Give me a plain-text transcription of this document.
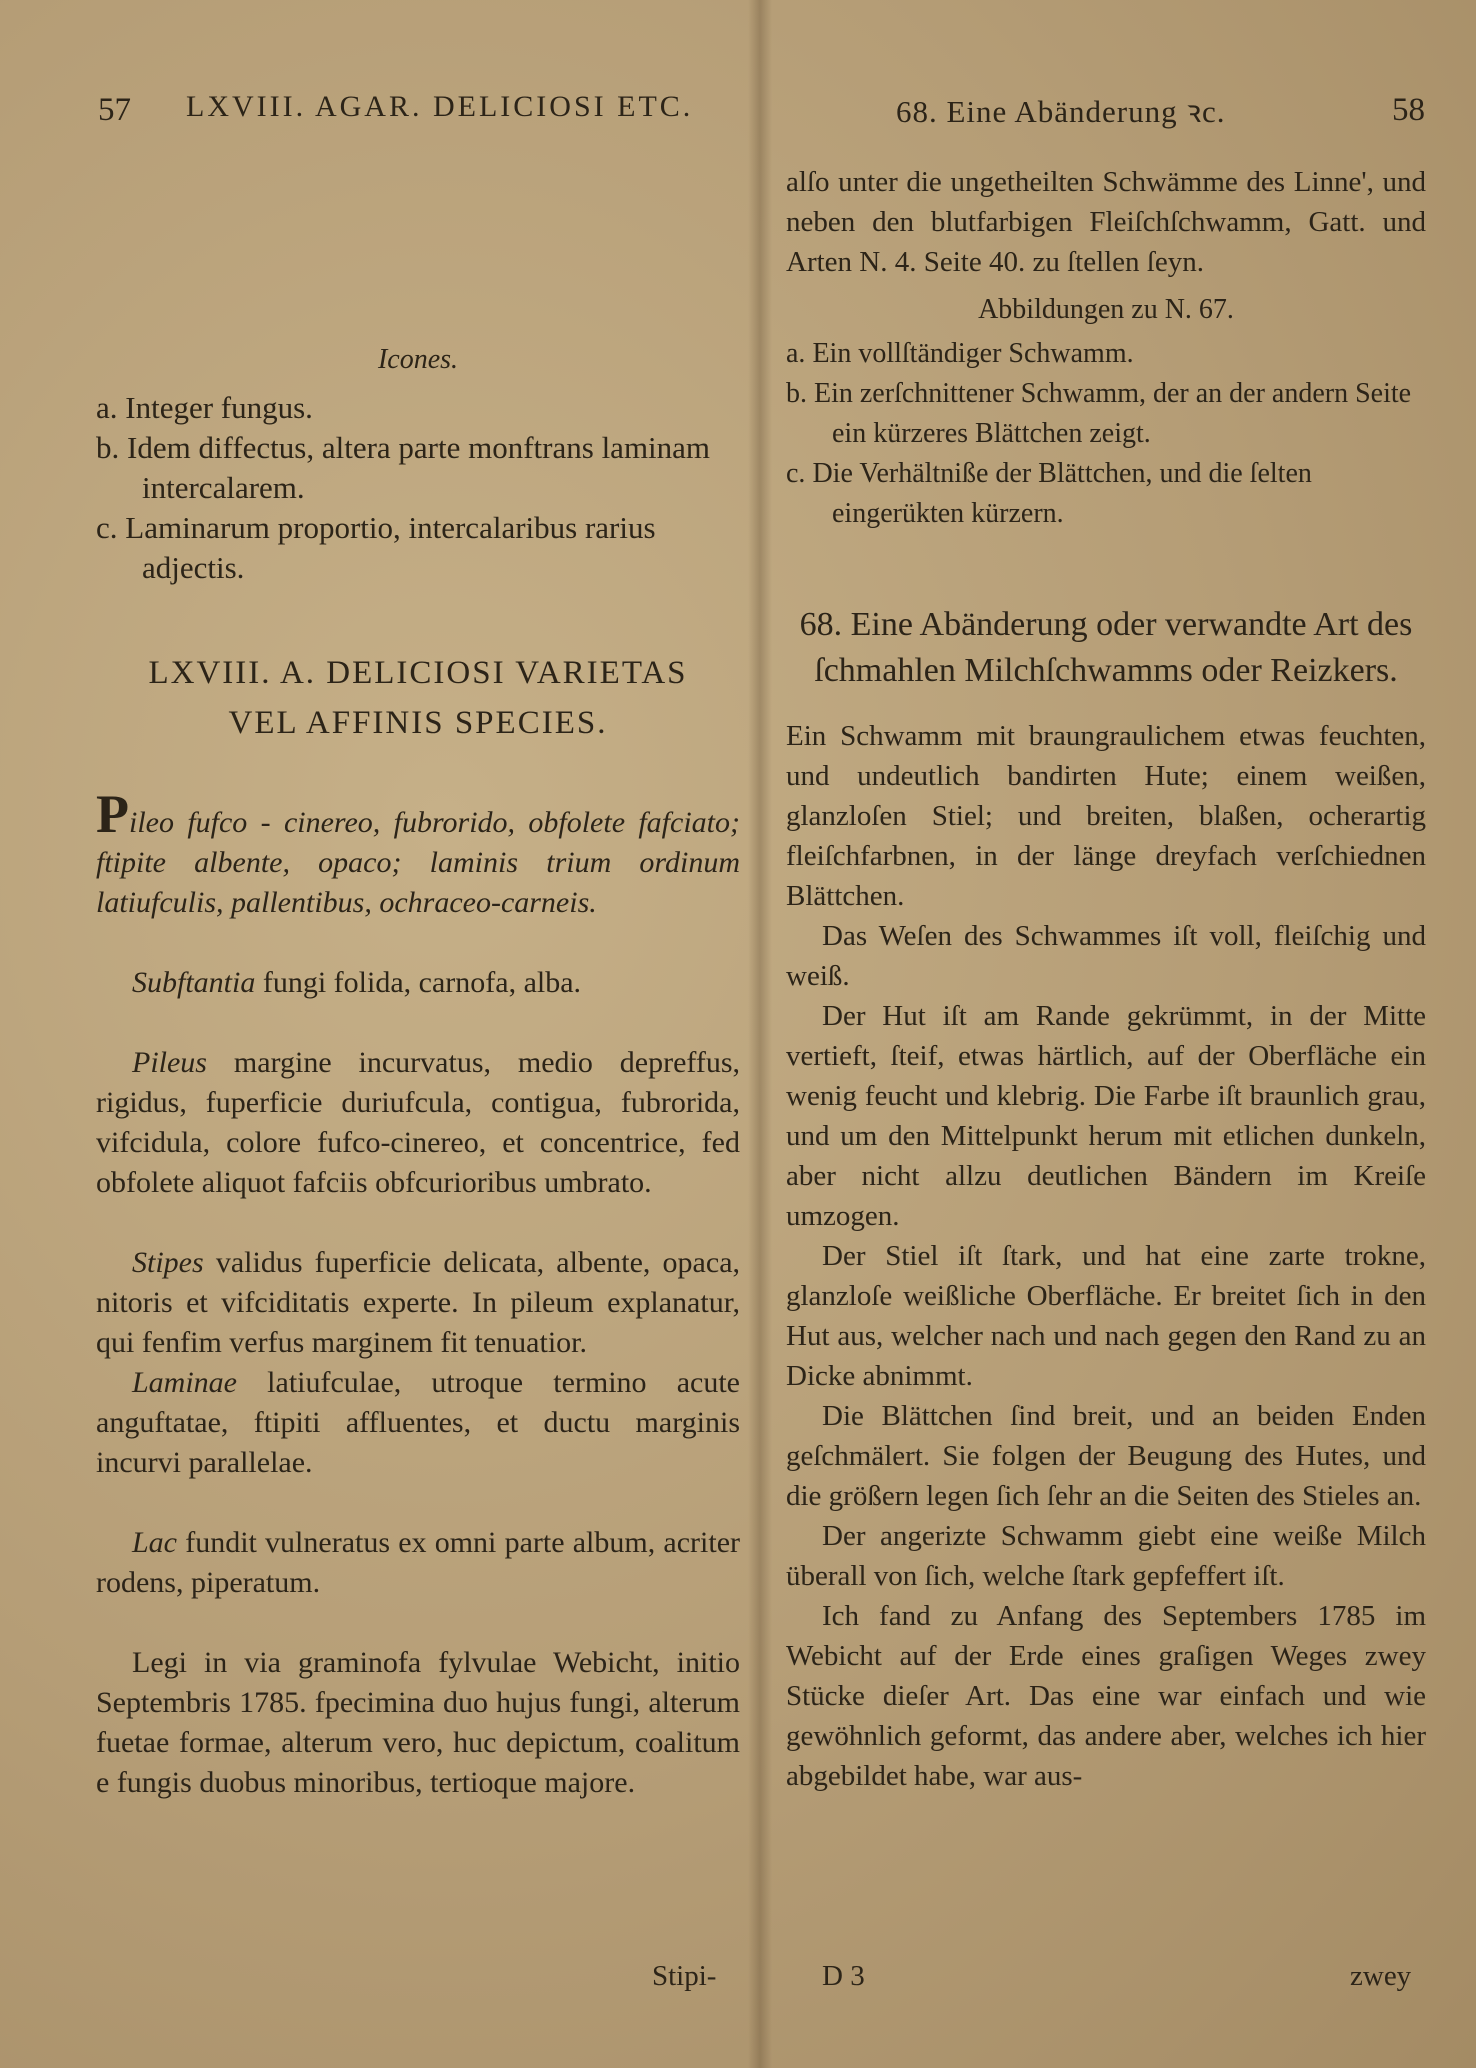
57 LXVIII. AGAR. DELICIOSI ETC.
Icones.

a. Integer fungus.

b. Idem diffectus, altera parte monftrans laminam intercalarem.

c. Laminarum proportio, intercalaribus rarius adjectis.

LXVIII. A. DELICIOSI VARIETAS
VEL AFFINIS SPECIES.

Pileo fufco - cinereo, fubrorido, obfolete fafciato; ftipite albente, opaco; laminis trium ordinum latiufculis, pallentibus, ochraceo-carneis.

Subftantia fungi folida, carnofa, alba.

Pileus margine incurvatus, medio depreffus, rigidus, fuperficie duriufcula, contigua, fubrorida, vifcidula, colore fufco-cinereo, et concentrice, fed obfolete aliquot fafciis obfcurioribus umbrato.

Stipes validus fuperficie delicata, albente, opaca, nitoris et vifciditatis experte. In pileum explanatur, qui fenfim verfus marginem fit tenuatior.

Laminae latiufculae, utroque termino acute anguftatae, ftipiti affluentes, et ductu marginis incurvi parallelae.

Lac fundit vulneratus ex omni parte album, acriter rodens, piperatum.

Legi in via graminofa fylvulae Webicht, initio Septembris 1785. fpecimina duo hujus fungi, alterum fuetae formae, alterum vero, huc depictum, coalitum e fungis duobus minoribus, tertioque majore.

Stipi-
68. Eine Abänderung ꝛc.	58

alſo unter die ungetheilten Schwämme des Linne', und neben den blutfarbigen Fleiſchſchwamm, Gatt. und Arten N. 4. Seite 40. zu ſtellen ſeyn.

Abbildungen zu N. 67.

a. Ein vollſtändiger Schwamm.

b. Ein zerſchnittener Schwamm, der an der andern Seite ein kürzeres Blättchen zeigt.

c. Die Verhältniße der Blättchen, und die ſelten eingerükten kürzern.

68. Eine Abänderung oder verwandte Art des ſchmahlen Milchſchwamms oder Reizkers.

Ein Schwamm mit braungraulichem etwas feuchten, und undeutlich bandirten Hute; einem weißen, glanzloſen Stiel; und breiten, blaßen, ocherartig fleiſchfarbnen, in der länge dreyfach verſchiednen Blättchen.

Das Weſen des Schwammes iſt voll, fleiſchig und weiß.

Der Hut iſt am Rande gekrümmt, in der Mitte vertieft, ſteif, etwas härtlich, auf der Oberfläche ein wenig feucht und klebrig. Die Farbe iſt braunlich grau, und um den Mittelpunkt herum mit etlichen dunkeln, aber nicht allzu deutlichen Bändern im Kreiſe umzogen.

Der Stiel iſt ſtark, und hat eine zarte trokne, glanzloſe weißliche Oberfläche. Er breitet ſich in den Hut aus, welcher nach und nach gegen den Rand zu an Dicke abnimmt.

Die Blättchen ſind breit, und an beiden Enden geſchmälert. Sie folgen der Beugung des Hutes, und die größern legen ſich ſehr an die Seiten des Stieles an.

Der angerizte Schwamm giebt eine weiße Milch überall von ſich, welche ſtark gepfeffert iſt.

Ich fand zu Anfang des Septembers 1785 im Webicht auf der Erde eines graſigen Weges zwey Stücke dieſer Art. Das eine war einfach und wie gewöhnlich geformt, das andere aber, welches ich hier abgebildet habe, war aus-

D 3	zwey
